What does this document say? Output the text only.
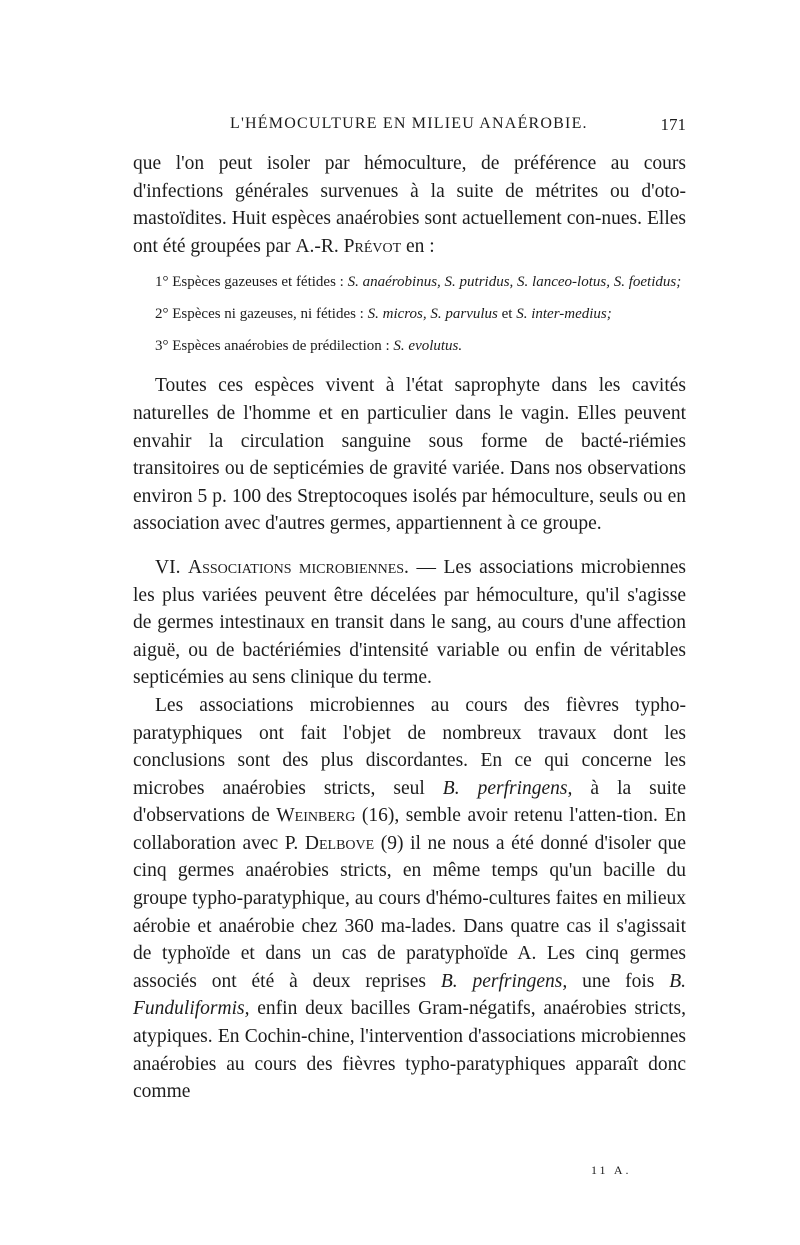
L'HÉMOCULTURE EN MILIEU ANAÉROBIE.	171

que l'on peut isoler par hémoculture, de préférence au cours d'infections générales survenues à la suite de métrites ou d'oto-mastoïdites. Huit espèces anaérobies sont actuellement con-nues. Elles ont été groupées par A.-R. Prévot en :

1° Espèces gazeuses et fétides : S. anaérobinus, S. putridus, S. lanceo-lotus, S. foetidus;

2° Espèces ni gazeuses, ni fétides : S. micros, S. parvulus et S. inter-medius;

3° Espèces anaérobies de prédilection : S. evolutus.

Toutes ces espèces vivent à l'état saprophyte dans les cavités naturelles de l'homme et en particulier dans le vagin. Elles peuvent envahir la circulation sanguine sous forme de bacté-riémies transitoires ou de septicémies de gravité variée. Dans nos observations environ 5 p. 100 des Streptocoques isolés par hémoculture, seuls ou en association avec d'autres germes, appartiennent à ce groupe.

VI. Associations microbiennes. — Les associations microbiennes les plus variées peuvent être décelées par hémoculture, qu'il s'agisse de germes intestinaux en transit dans le sang, au cours d'une affection aiguë, ou de bactériémies d'intensité variable ou enfin de véritables septicémies au sens clinique du terme.

Les associations microbiennes au cours des fièvres typho-paratyphiques ont fait l'objet de nombreux travaux dont les conclusions sont des plus discordantes. En ce qui concerne les microbes anaérobies stricts, seul B. perfringens, à la suite d'observations de Weinberg (16), semble avoir retenu l'atten-tion. En collaboration avec P. Delbove (9) il ne nous a été donné d'isoler que cinq germes anaérobies stricts, en même temps qu'un bacille du groupe typho-paratyphique, au cours d'hémo-cultures faites en milieux aérobie et anaérobie chez 360 ma-lades. Dans quatre cas il s'agissait de typhoïde et dans un cas de paratyphoïde A. Les cinq germes associés ont été à deux reprises B. perfringens, une fois B. Funduliformis, enfin deux bacilles Gram-négatifs, anaérobies stricts, atypiques. En Cochin-chine, l'intervention d'associations microbiennes anaérobies au cours des fièvres typho-paratyphiques apparaît donc comme

11 A.
